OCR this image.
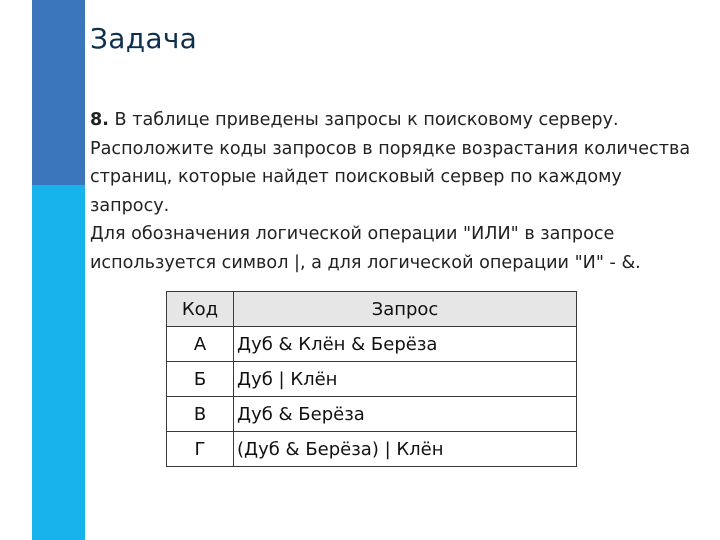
Задача

8. В таблице приведены запросы к поисковому серверу. Расположите коды запросов в порядке возрастания количества страниц, которые найдет поисковый сервер по каждому запросу.

Для обозначения логической операции "ИЛИ" в запросе используется символ |, а для логической операции "И" - &.

Код	Запрос
А	Дуб & Клён & Берёза
Б	Дуб | Клён
В	Дуб & Берёза
Г	(Дуб & Берёза) | Клён
